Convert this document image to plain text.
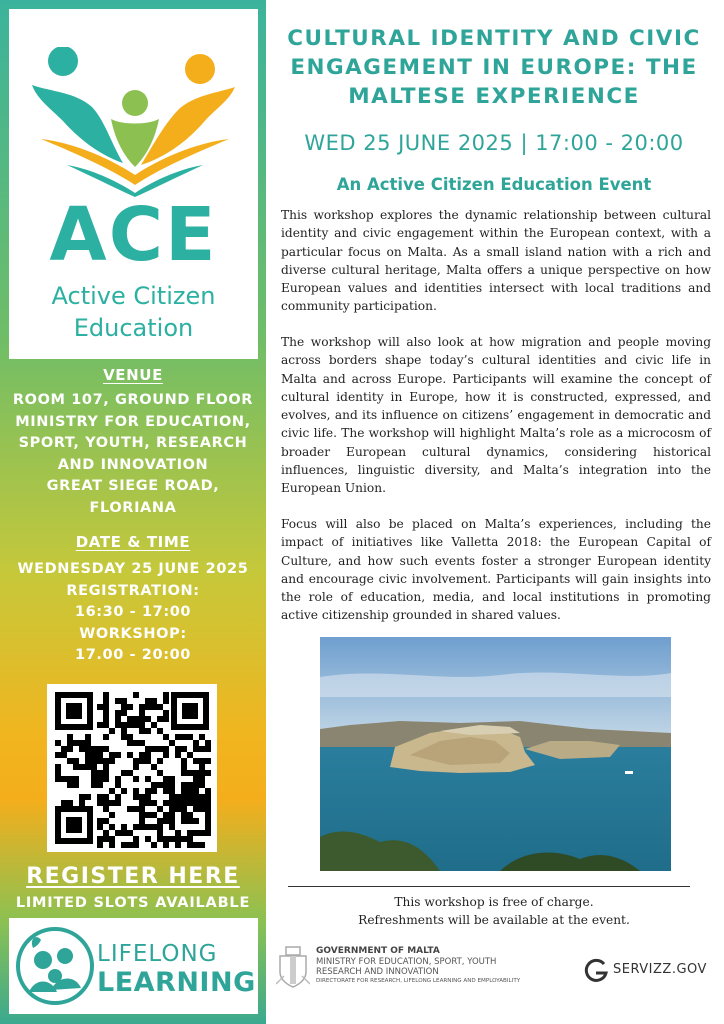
ACE
Active Citizen
Education
VENUE
ROOM 107, GROUND FLOOR
MINISTRY FOR EDUCATION,
SPORT, YOUTH, RESEARCH
AND INNOVATION
GREAT SIEGE ROAD,
FLORIANA
DATE & TIME
WEDNESDAY 25 JUNE 2025
REGISTRATION:
16:30 - 17:00
WORKSHOP:
17.00 - 20:00
REGISTER HERE
LIMITED SLOTS AVAILABLE
LIFELONG
LEARNING
CULTURAL IDENTITY AND CIVIC
ENGAGEMENT IN EUROPE: THE
MALTESE EXPERIENCE
WED 25 JUNE 2025 | 17:00 - 20:00
An Active Citizen Education Event

This workshop explores the dynamic relationship between cultural identity and civic engagement within the European context, with a particular focus on Malta. As a small island nation with a rich and diverse cultural heritage, Malta offers a unique perspective on how European values and identities intersect with local traditions and community participation.

The workshop will also look at how migration and people moving across borders shape today’s cultural identities and civic life in Malta and across Europe. Participants will examine the concept of cultural identity in Europe, how it is constructed, expressed, and evolves, and its influence on citizens’ engagement in democratic and civic life. The workshop will highlight Malta’s role as a microcosm of broader European cultural dynamics, considering historical influences, linguistic diversity, and Malta’s integration into the European Union.

Focus will also be placed on Malta’s experiences, including the impact of initiatives like Valletta 2018: the European Capital of Culture, and how such events foster a stronger European identity and encourage civic involvement. Participants will gain insights into the role of education, media, and local institutions in promoting active citizenship grounded in shared values.

This workshop is free of charge.
Refreshments will be available at the event.
GOVERNMENT OF MALTA
MINISTRY FOR EDUCATION, SPORT, YOUTH
RESEARCH AND INNOVATION
DIRECTORATE FOR RESEARCH, LIFELONG LEARNING AND EMPLOYABILITY
SERVIZZ.GOV
